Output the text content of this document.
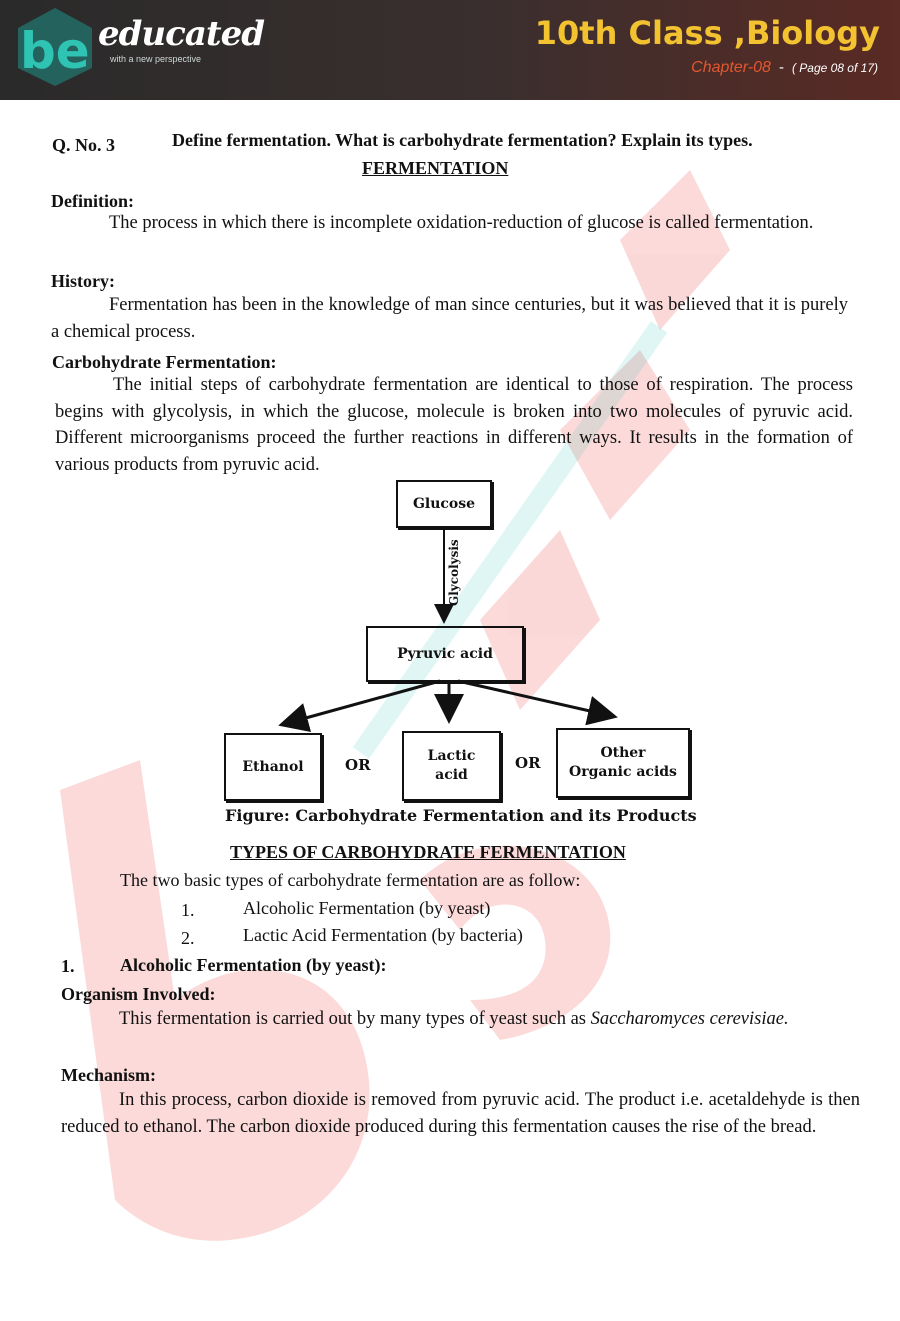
be educated
with a new perspective
10th Class ,Biology
Chapter-08 - ( Page 08 of 17)
Q. No. 3	Define fermentation. What is carbohydrate fermentation? Explain its types.
FERMENTATION
Definition:
The process in which there is incomplete oxidation-reduction of glucose is called fermentation.
History:
Fermentation has been in the knowledge of man since centuries, but it was believed that it is purely a chemical process.
Carbohydrate Fermentation:
The initial steps of carbohydrate fermentation are identical to those of respiration. The process begins with glycolysis, in which the glucose, molecule is broken into two molecules of pyruvic acid. Different microorganisms proceed the further reactions in different ways. It results in the formation of various products from pyruvic acid.
Glucose
Glycolysis
Pyruvic acid
Ethanol	OR	Lactic
acid
OR
Other
Organic acids
Figure: Carbohydrate Fermentation and its Products
TYPES OF CARBOHYDRATE FERMENTATION
The two basic types of carbohydrate fermentation are as follow:
1.	Alcoholic Fermentation (by yeast)
2.	Lactic Acid Fermentation (by bacteria)
1.	Alcoholic Fermentation (by yeast):
Organism Involved:
This fermentation is carried out by many types of yeast such as Saccharomyces cerevisiae.
Mechanism:
In this process, carbon dioxide is removed from pyruvic acid. The product i.e. acetaldehyde is then reduced to ethanol. The carbon dioxide produced during this fermentation causes the rise of the bread.
